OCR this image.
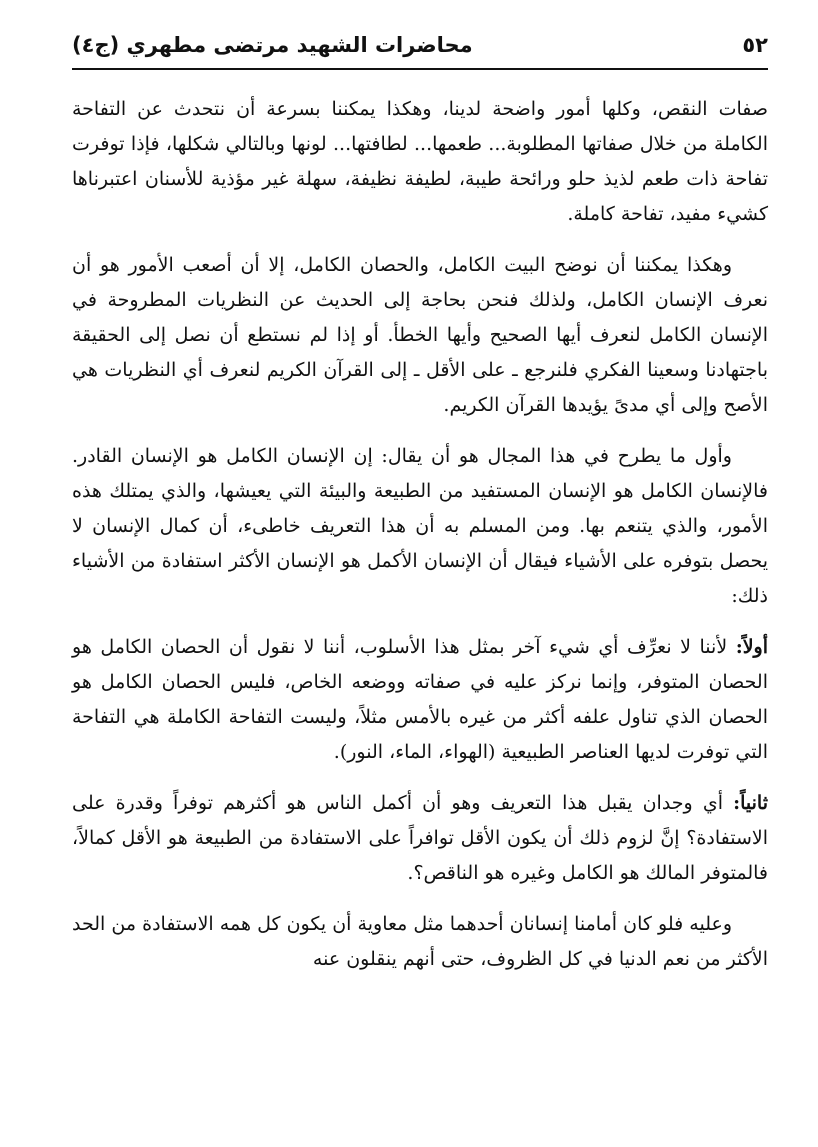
٥٢
محاضرات الشهيد مرتضى مطهري (ج٤)

صفات النقص، وكلها أمور واضحة لدينا، وهكذا يمكننا بسرعة أن نتحدث عن التفاحة الكاملة من خلال صفاتها المطلوبة... طعمها... لطافتها... لونها وبالتالي شكلها، فإذا توفرت تفاحة ذات طعم لذيذ حلو ورائحة طيبة، لطيفة نظيفة، سهلة غير مؤذية للأسنان اعتبرناها كشيء مفيد، تفاحة كاملة.

وهكذا يمكننا أن نوضح البيت الكامل، والحصان الكامل، إلا أن أصعب الأمور هو أن نعرف الإنسان الكامل، ولذلك فنحن بحاجة إلى الحديث عن النظريات المطروحة في الإنسان الكامل لنعرف أيها الصحيح وأيها الخطأ. أو إذا لم نستطع أن نصل إلى الحقيقة باجتهادنا وسعينا الفكري فلنرجع ـ على الأقل ـ إلى القرآن الكريم لنعرف أي النظريات هي الأصح وإلى أي مدىً يؤيدها القرآن الكريم.

وأول ما يطرح في هذا المجال هو أن يقال: إن الإنسان الكامل هو الإنسان القادر. فالإنسان الكامل هو الإنسان المستفيد من الطبيعة والبيئة التي يعيشها، والذي يمتلك هذه الأمور، والذي يتنعم بها. ومن المسلم به أن هذا التعريف خاطىء، أن كمال الإنسان لا يحصل بتوفره على الأشياء فيقال أن الإنسان الأكمل هو الإنسان الأكثر استفادة من الأشياء ذلك:

أولاً: لأننا لا نعرِّف أي شيء آخر بمثل هذا الأسلوب، أننا لا نقول أن الحصان الكامل هو الحصان المتوفر، وإنما نركز عليه في صفاته ووضعه الخاص، فليس الحصان الكامل هو الحصان الذي تناول علفه أكثر من غيره بالأمس مثلاً، وليست التفاحة الكاملة هي التفاحة التي توفرت لديها العناصر الطبيعية (الهواء، الماء، النور).

ثانياً: أي وجدان يقبل هذا التعريف وهو أن أكمل الناس هو أكثرهم توفراً وقدرة على الاستفادة؟ إنَّ لزوم ذلك أن يكون الأقل توافراً على الاستفادة من الطبيعة هو الأقل كمالاً، فالمتوفر المالك هو الكامل وغيره هو الناقص؟.

وعليه فلو كان أمامنا إنسانان أحدهما مثل معاوية أن يكون كل همه الاستفادة من الحد الأكثر من نعم الدنيا في كل الظروف، حتى أنهم ينقلون عنه
